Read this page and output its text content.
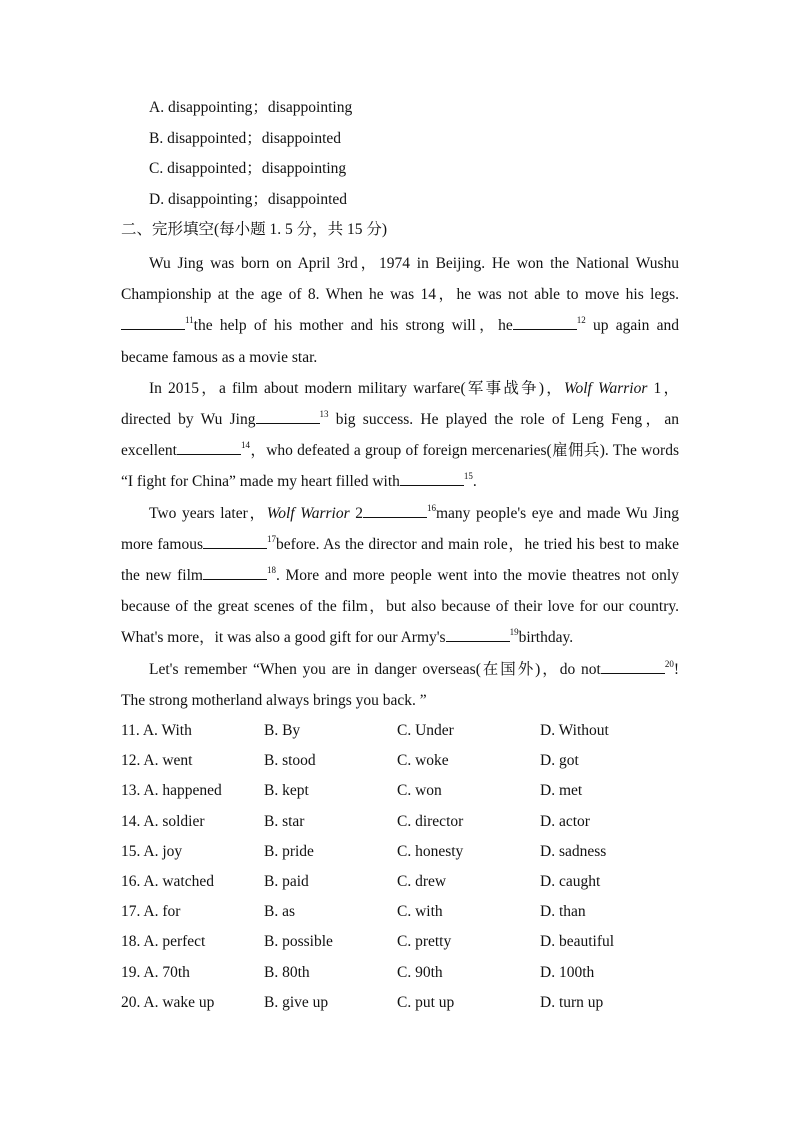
A. disappointing；disappointing
B. disappointed；disappointed
C. disappointed；disappointing
D. disappointing；disappointed
二、完形填空(每小题 1. 5 分，共 15 分)

Wu Jing was born on April 3rd，1974 in Beijing. He won the National Wushu Championship at the age of 8. When he was 14，he was not able to move his legs. $^{11}$the help of his mother and his strong will，he	$^{12}$ up again and became famous as a movie star.

In 2015，a film about modern military warfare(军事战争)，Wolf Warrior 1，directed by Wu Jing	$^{13}$ big success. He played the role of Leng Feng，an excellent	$^{14}$，who defeated a group of foreign mercenaries(雇佣兵). The words “I fight for China” made my heart filled with	$^{15}$.

Two years later，Wolf Warrior 2	$^{16}$many people's eye and made Wu Jing more famous	$^{17}$before. As the director and main role，he tried his best to make the new film	$^{18}$. More and more people went into the movie theatres not only because of the great scenes of the film，but also because of their love for our country. What's more，it was also a good gift for our Army's	$^{19}$birthday.

Let's remember “When you are in danger overseas(在国外)，do not	$^{20}$! The strong motherland always brings you back. ”

11. A. With	B. By	C. Under	D. Without
12. A. went	B. stood	C. woke	D. got
13. A. happened	B. kept	C. won	D. met
14. A. soldier	B. star	C. director	D. actor
15. A. joy	B. pride	C. honesty	D. sadness
16. A. watched	B. paid	C. drew	D. caught
17. A. for	B. as	C. with	D. than
18. A. perfect	B. possible	C. pretty	D. beautiful
19. A. 70th	B. 80th	C. 90th	D. 100th
20. A. wake up	B. give up	C. put up	D. turn up
